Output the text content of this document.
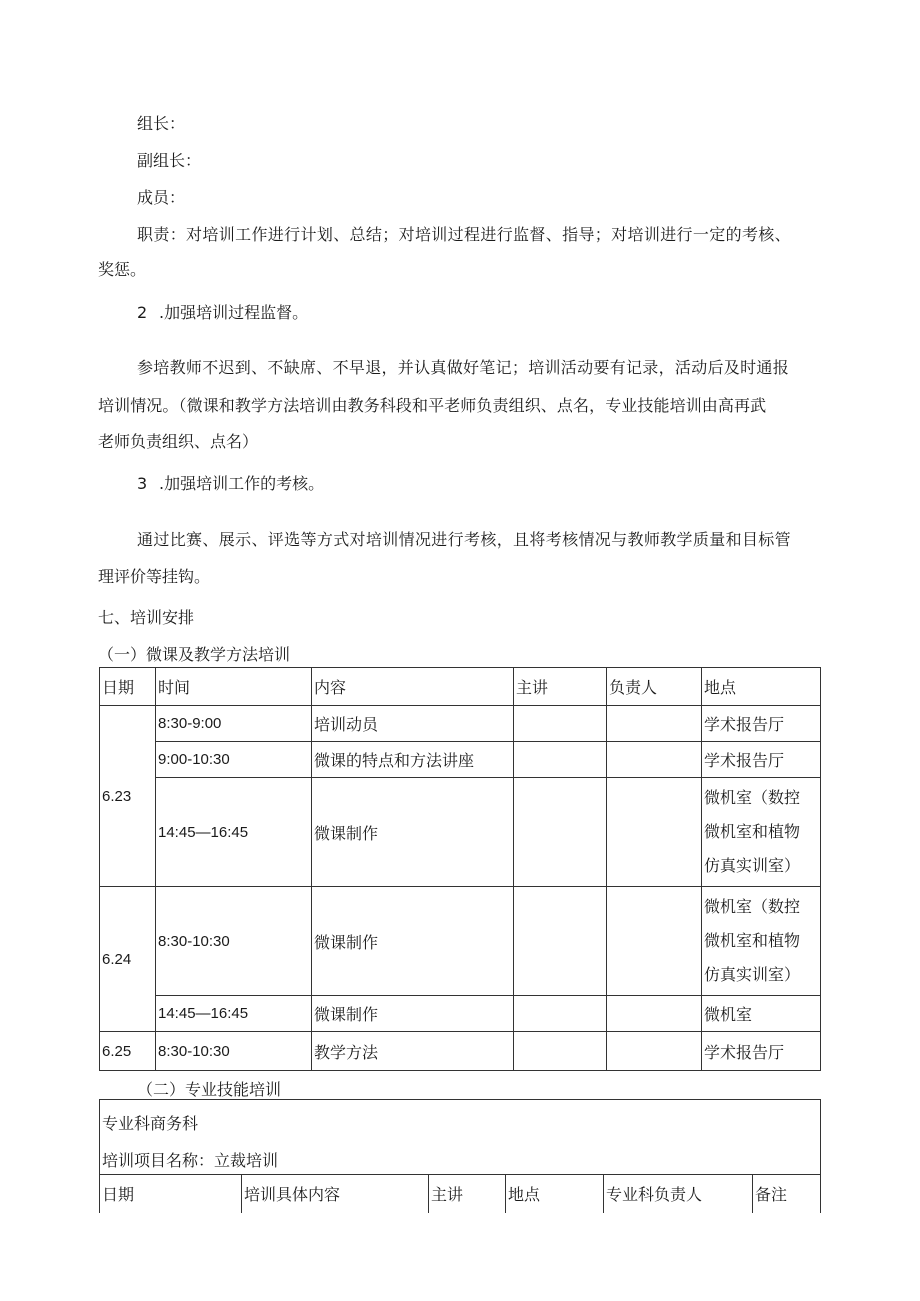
组长：
副组长：
成员：
职责：对培训工作进行计划、总结；对培训过程进行监督、指导；对培训进行一定的考核、
奖惩。
2 .加强培训过程监督。
参培教师不迟到、不缺席、不早退，并认真做好笔记；培训活动要有记录，活动后及时通报
培训情况。（微课和教学方法培训由教务科段和平老师负责组织、点名，专业技能培训由高再武
老师负责组织、点名）
3 .加强培训工作的考核。
通过比赛、展示、评选等方式对培训情况进行考核，且将考核情况与教师教学质量和目标管
理评价等挂钩。
七、培训安排
（一）微课及教学方法培训
日期	时间	内容	主讲	负责人	地点
6.23	8:30-9:00	培训动员			学术报告厅
	9:00-10:30	微课的特点和方法讲座			学术报告厅
	14:45—16:45	微课制作			微机室（数控
微机室和植物
仿真实训室）

6.24	8:30-10:30	微课制作			微机室（数控
微机室和植物
仿真实训室）

	14:45—16:45	微课制作			微机室
6.25	8:30-10:30	教学方法			学术报告厅
（二）专业技能培训
专业科商务科
培训项目名称：立裁培训
日期	培训具体内容	主讲	地点	专业科负责人	备注
